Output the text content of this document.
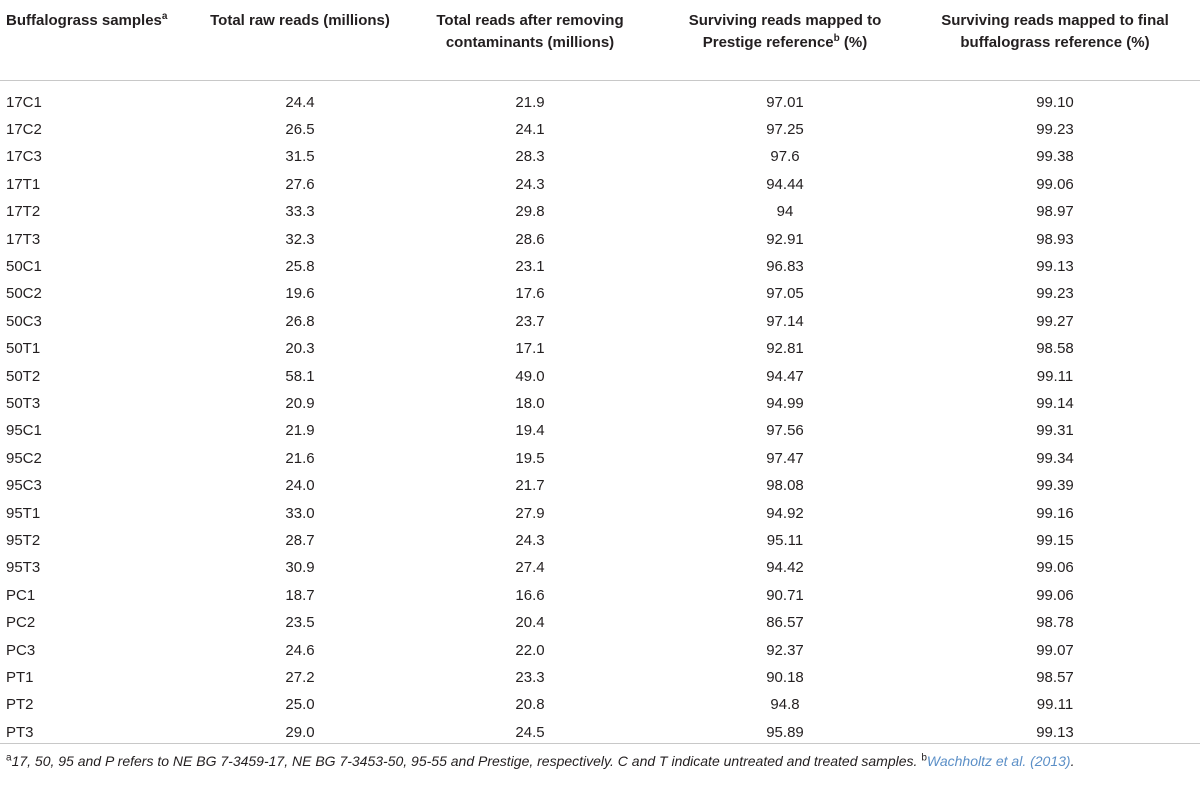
Buffalograss samples$^a$	Total raw reads (millions)	Total reads after removing contaminants (millions)	Surviving reads mapped to Prestige reference$^b$ (%)	Surviving reads mapped to final buffalograss reference (%)
17C1	24.4	21.9	97.01	99.10
17C2	26.5	24.1	97.25	99.23
17C3	31.5	28.3	97.6	99.38
17T1	27.6	24.3	94.44	99.06
17T2	33.3	29.8	94	98.97
17T3	32.3	28.6	92.91	98.93
50C1	25.8	23.1	96.83	99.13
50C2	19.6	17.6	97.05	99.23
50C3	26.8	23.7	97.14	99.27
50T1	20.3	17.1	92.81	98.58
50T2	58.1	49.0	94.47	99.11
50T3	20.9	18.0	94.99	99.14
95C1	21.9	19.4	97.56	99.31
95C2	21.6	19.5	97.47	99.34
95C3	24.0	21.7	98.08	99.39
95T1	33.0	27.9	94.92	99.16
95T2	28.7	24.3	95.11	99.15
95T3	30.9	27.4	94.42	99.06
PC1	18.7	16.6	90.71	99.06
PC2	23.5	20.4	86.57	98.78
PC3	24.6	22.0	92.37	99.07
PT1	27.2	23.3	90.18	98.57
PT2	25.0	20.8	94.8	99.11
PT3	29.0	24.5	95.89	99.13
$^a$17, 50, 95 and P refers to NE BG 7-3459-17, NE BG 7-3453-50, 95-55 and Prestige, respectively. C and T indicate untreated and treated samples. $^b$Wachholtz et al. (2013).
